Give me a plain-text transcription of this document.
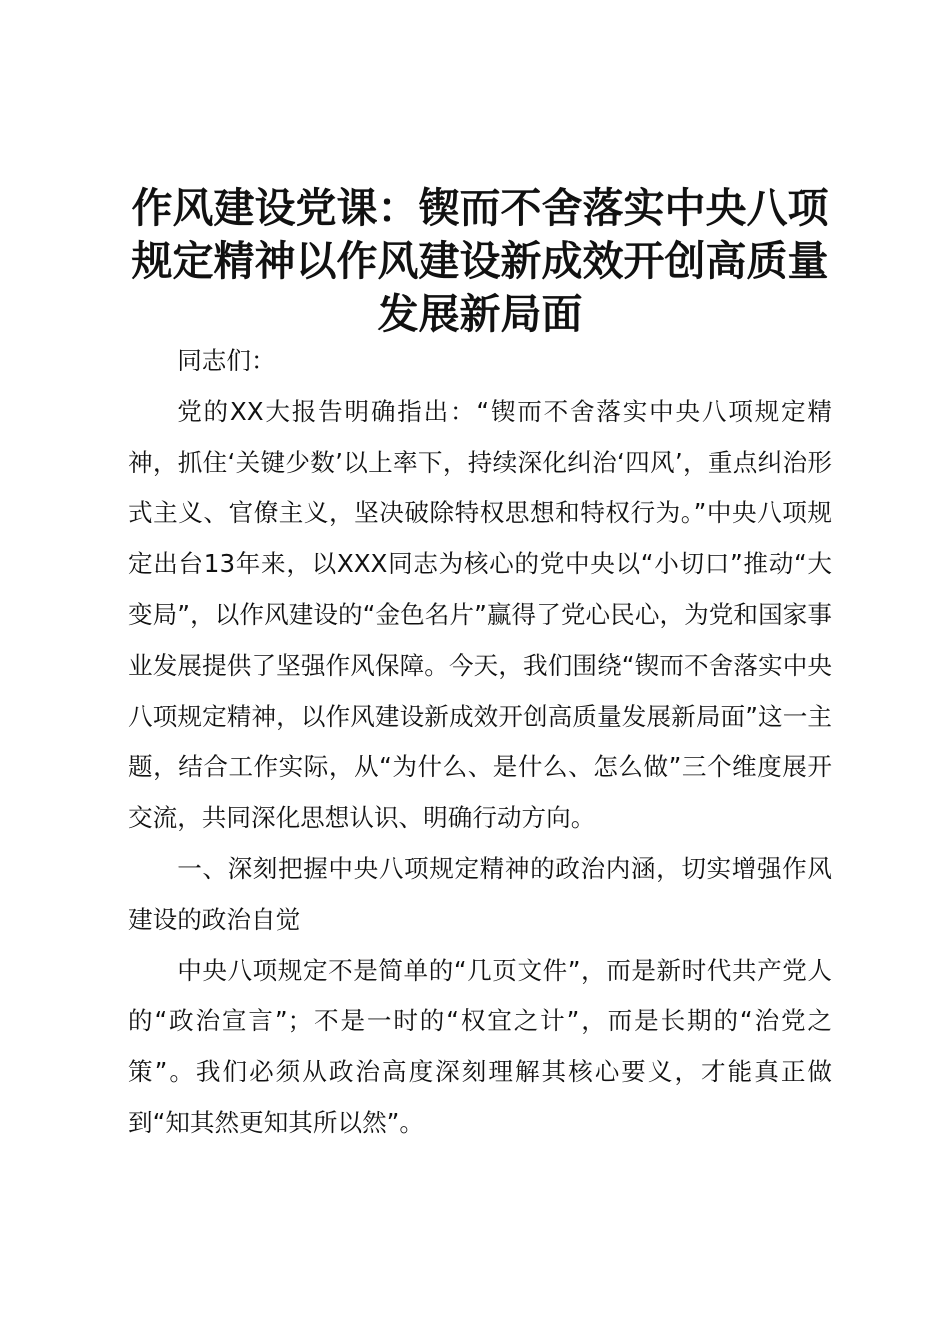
作风建设党课：锲而不舍落实中央八项
规定精神以作风建设新成效开创高质量
发展新局面

同志们：

党的XX大报告明确指出：“锲而不舍落实中央八项规定精神，抓住‘关键少数’以上率下，持续深化纠治‘四风’，重点纠治形式主义、官僚主义，坚决破除特权思想和特权行为。”中央八项规定出台13年来，以XXX同志为核心的党中央以“小切口”推动“大变局”，以作风建设的“金色名片”赢得了党心民心，为党和国家事业发展提供了坚强作风保障。今天，我们围绕“锲而不舍落实中央八项规定精神，以作风建设新成效开创高质量发展新局面”这一主题，结合工作实际，从“为什么、是什么、怎么做”三个维度展开交流，共同深化思想认识、明确行动方向。

一、深刻把握中央八项规定精神的政治内涵，切实增强作风建设的政治自觉

中央八项规定不是简单的“几页文件”，而是新时代共产党人的“政治宣言”；不是一时的“权宜之计”，而是长期的“治党之策”。我们必须从政治高度深刻理解其核心要义，才能真正做到“知其然更知其所以然”。
